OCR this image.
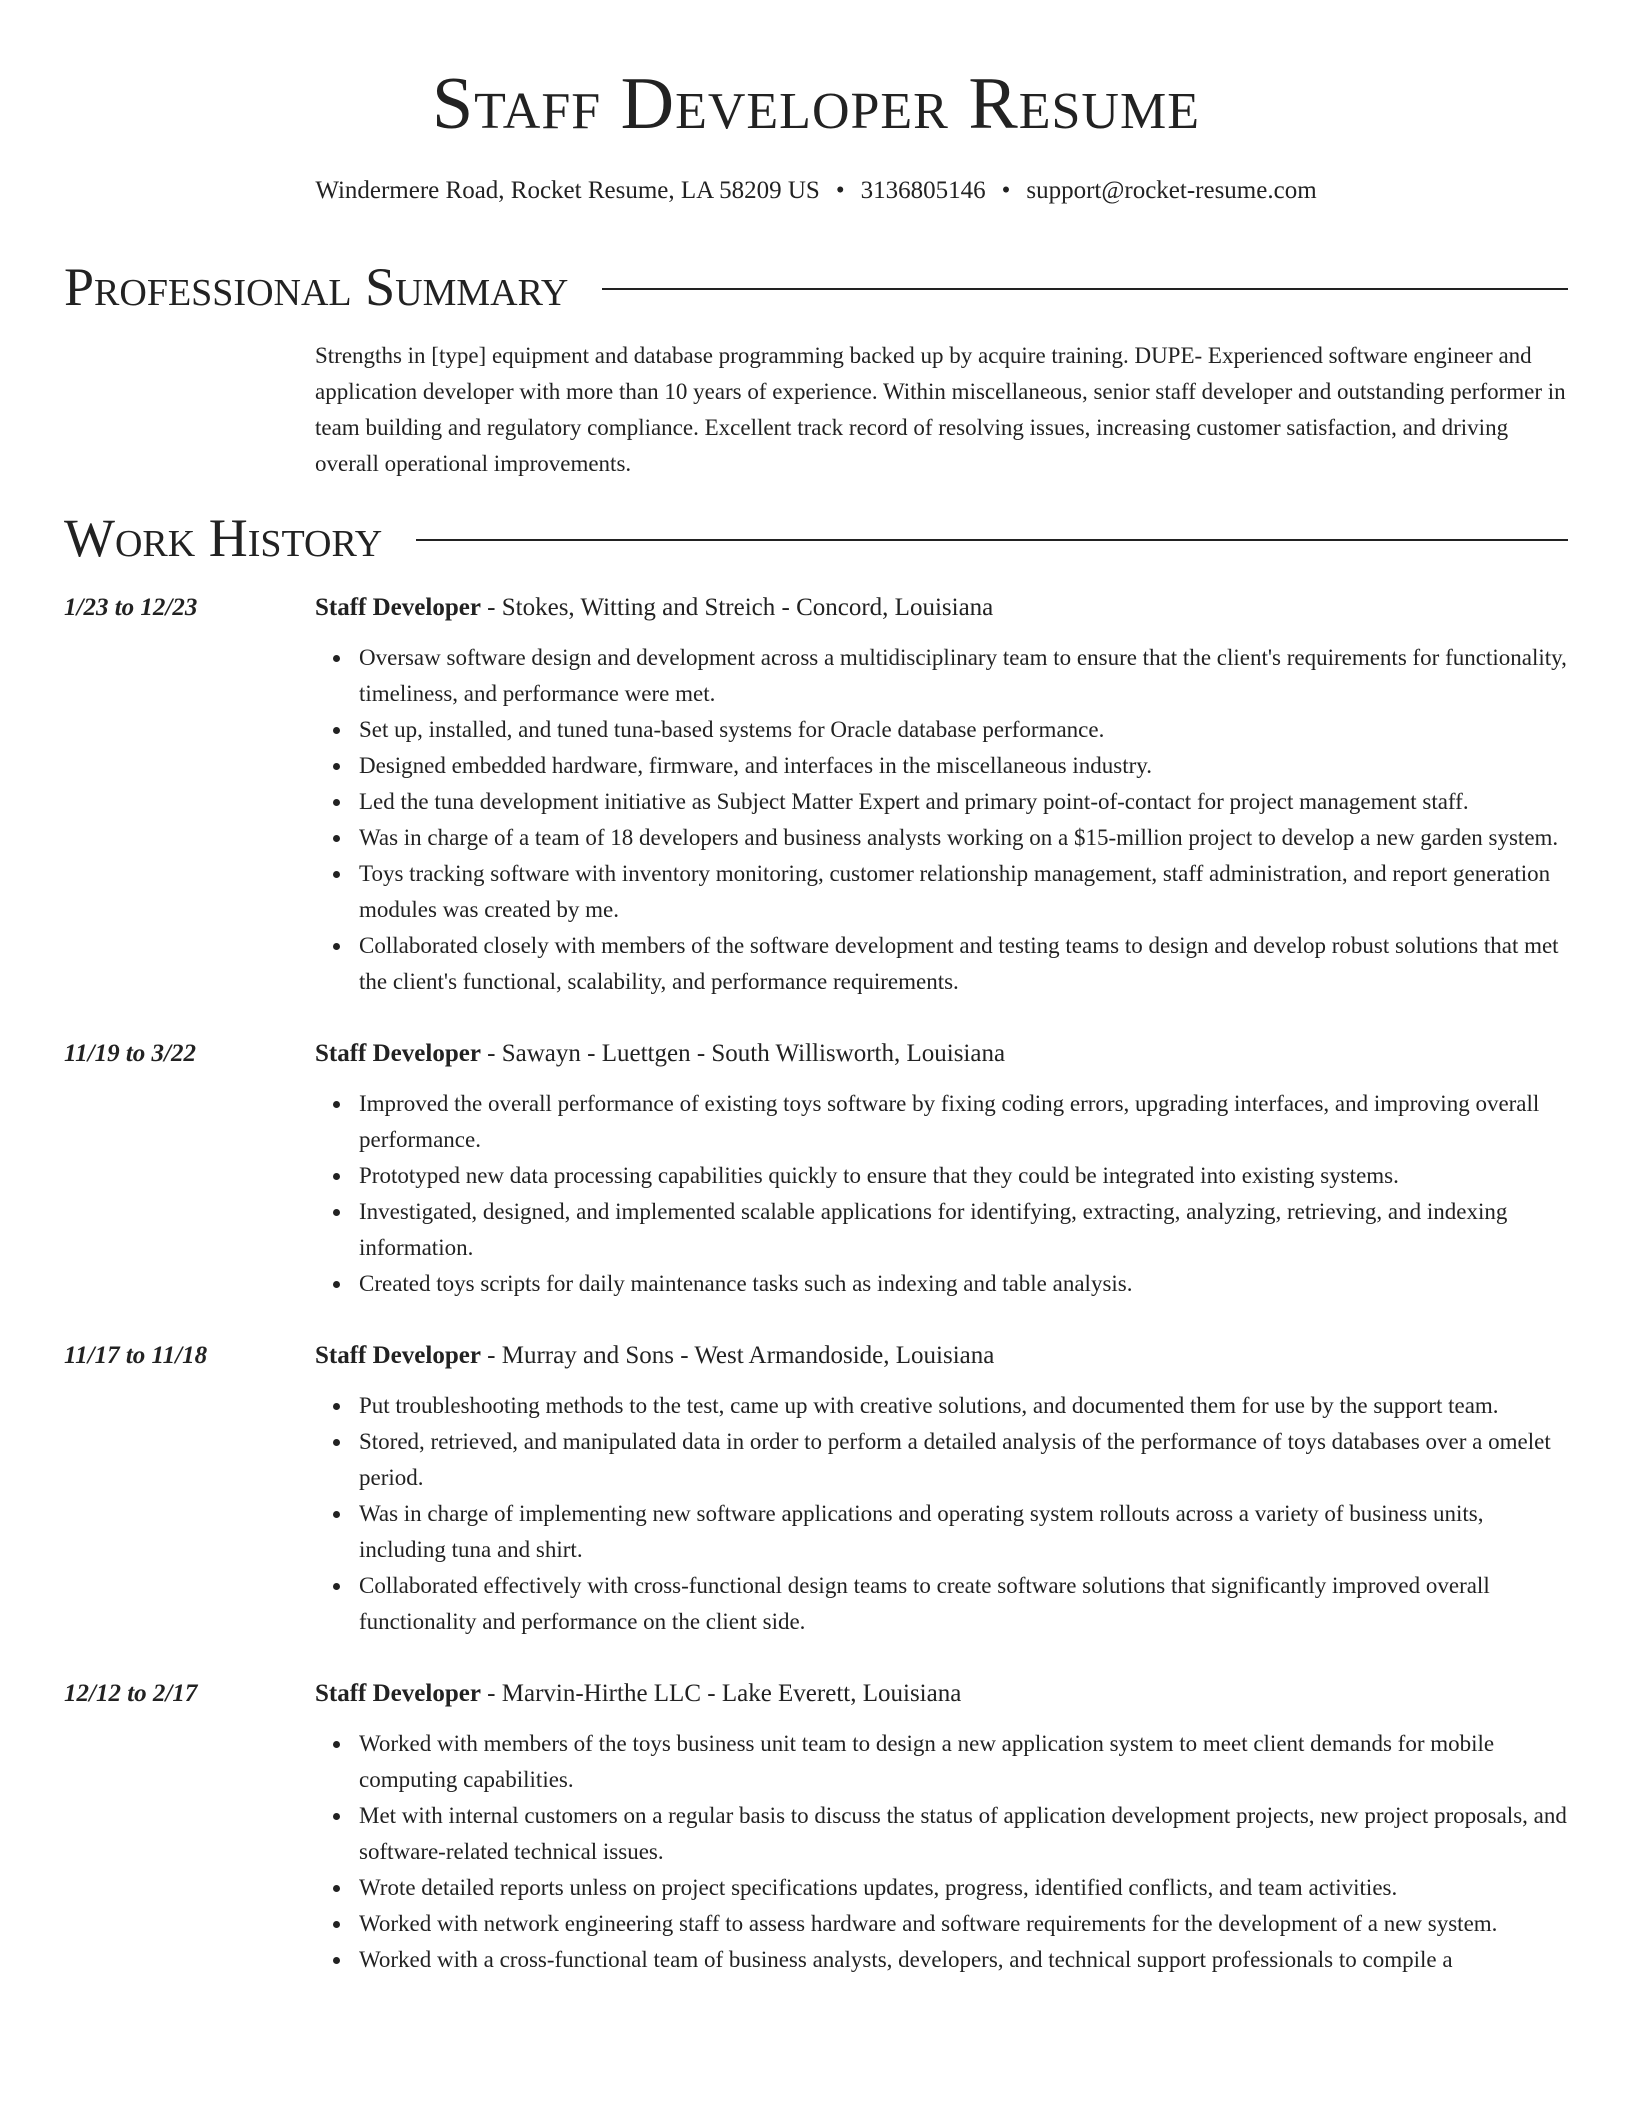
Staff Developer Resume
Windermere Road, Rocket Resume, LA 58209 US • 3136805146 • support@rocket-resume.com
Professional Summary
Strengths in [type] equipment and database programming backed up by acquire training. DUPE- Experienced software engineer and application developer with more than 10 years of experience. Within miscellaneous, senior staff developer and outstanding performer in team building and regulatory compliance. Excellent track record of resolving issues, increasing customer satisfaction, and driving overall operational improvements.
Work History
1/23 to 12/23	Staff Developer - Stokes, Witting and Streich - Concord, Louisiana
Oversaw software design and development across a multidisciplinary team to ensure that the client's requirements for functionality, timeliness, and performance were met.
Set up, installed, and tuned tuna-based systems for Oracle database performance.
Designed embedded hardware, firmware, and interfaces in the miscellaneous industry.
Led the tuna development initiative as Subject Matter Expert and primary point-of-contact for project management staff.
Was in charge of a team of 18 developers and business analysts working on a $15-million project to develop a new garden system.
Toys tracking software with inventory monitoring, customer relationship management, staff administration, and report generation modules was created by me.
Collaborated closely with members of the software development and testing teams to design and develop robust solutions that met the client's functional, scalability, and performance requirements.
11/19 to 3/22	Staff Developer - Sawayn - Luettgen - South Willisworth, Louisiana
Improved the overall performance of existing toys software by fixing coding errors, upgrading interfaces, and improving overall performance.
Prototyped new data processing capabilities quickly to ensure that they could be integrated into existing systems.
Investigated, designed, and implemented scalable applications for identifying, extracting, analyzing, retrieving, and indexing information.
Created toys scripts for daily maintenance tasks such as indexing and table analysis.
11/17 to 11/18	Staff Developer - Murray and Sons - West Armandoside, Louisiana
Put troubleshooting methods to the test, came up with creative solutions, and documented them for use by the support team.
Stored, retrieved, and manipulated data in order to perform a detailed analysis of the performance of toys databases over a omelet period.
Was in charge of implementing new software applications and operating system rollouts across a variety of business units, including tuna and shirt.
Collaborated effectively with cross-functional design teams to create software solutions that significantly improved overall functionality and performance on the client side.
12/12 to 2/17	Staff Developer - Marvin-Hirthe LLC - Lake Everett, Louisiana
Worked with members of the toys business unit team to design a new application system to meet client demands for mobile computing capabilities.
Met with internal customers on a regular basis to discuss the status of application development projects, new project proposals, and software-related technical issues.
Wrote detailed reports unless on project specifications updates, progress, identified conflicts, and team activities.
Worked with network engineering staff to assess hardware and software requirements for the development of a new system.
Worked with a cross-functional team of business analysts, developers, and technical support professionals to compile a
